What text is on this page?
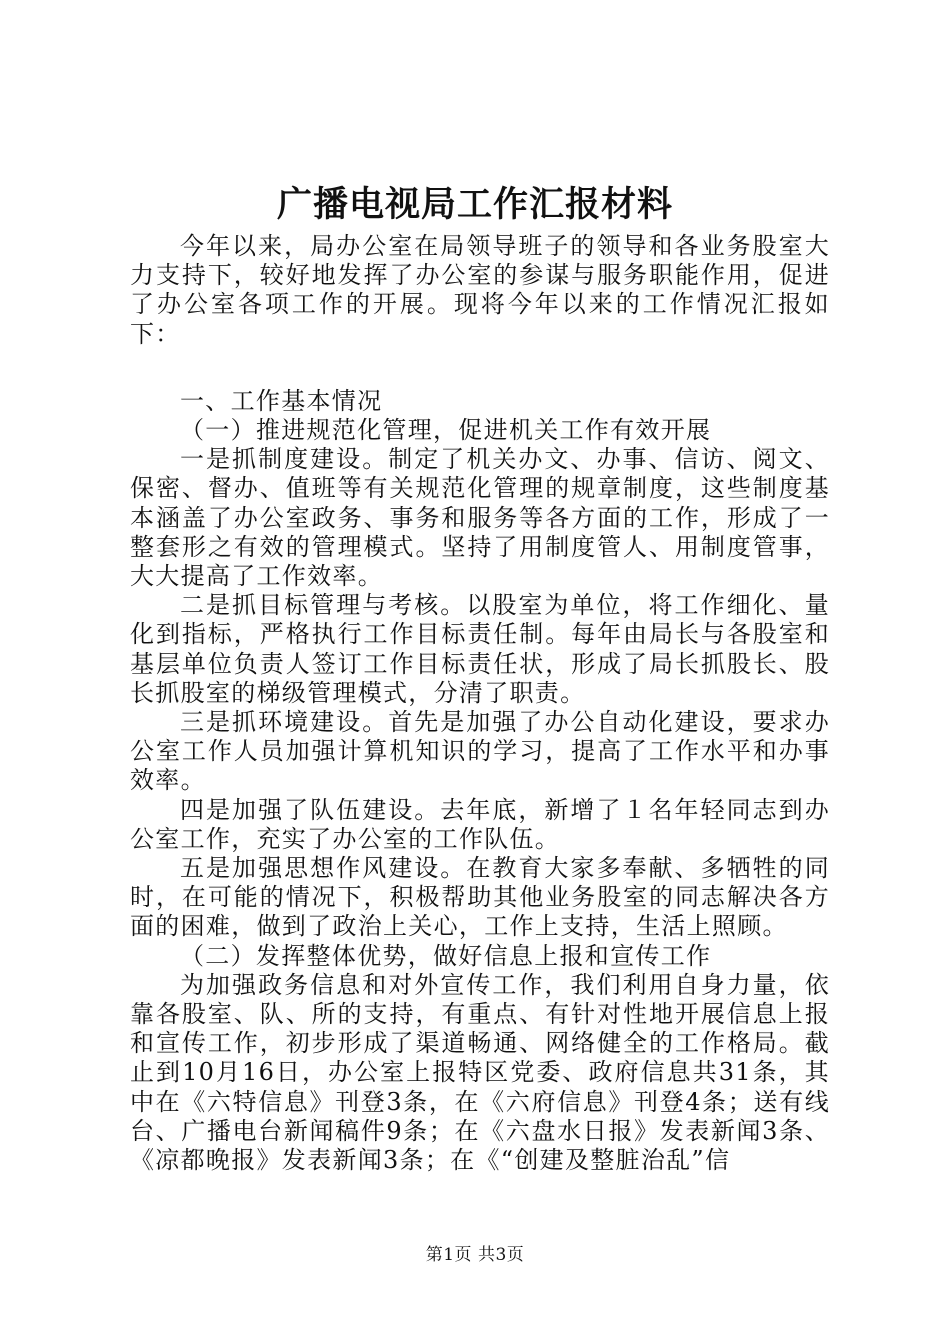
广播电视局工作汇报材料

今年以来，局办公室在局领导班子的领导和各业务股室大力支持下，较好地发挥了办公室的参谋与服务职能作用，促进了办公室各项工作的开展。现将今年以来的工作情况汇报如下：

一、工作基本情况

（一）推进规范化管理，促进机关工作有效开展

一是抓制度建设。制定了机关办文、办事、信访、阅文、保密、督办、值班等有关规范化管理的规章制度，这些制度基本涵盖了办公室政务、事务和服务等各方面的工作，形成了一整套形之有效的管理模式。坚持了用制度管人、用制度管事，大大提高了工作效率。

二是抓目标管理与考核。以股室为单位，将工作细化、量化到指标，严格执行工作目标责任制。每年由局长与各股室和基层单位负责人签订工作目标责任状，形成了局长抓股长、股长抓股室的梯级管理模式，分清了职责。

三是抓环境建设。首先是加强了办公自动化建设，要求办公室工作人员加强计算机知识的学习，提高了工作水平和办事效率。

四是加强了队伍建设。去年底，新增了１名年轻同志到办公室工作，充实了办公室的工作队伍。

五是加强思想作风建设。在教育大家多奉献、多牺牲的同时，在可能的情况下，积极帮助其他业务股室的同志解决各方面的困难，做到了政治上关心，工作上支持，生活上照顾。

（二）发挥整体优势，做好信息上报和宣传工作

为加强政务信息和对外宣传工作，我们利用自身力量，依靠各股室、队、所的支持，有重点、有针对性地开展信息上报和宣传工作，初步形成了渠道畅通、网络健全的工作格局。截止到10月16日，办公室上报特区党委、政府信息共31条，其中在《六特信息》刊登3条，在《六府信息》刊登4条；送有线台、广播电台新闻稿件9条；在《六盘水日报》发表新闻3条、《凉都晚报》发表新闻3条；在《“创建及整脏治乱”信

第1页 共3页
